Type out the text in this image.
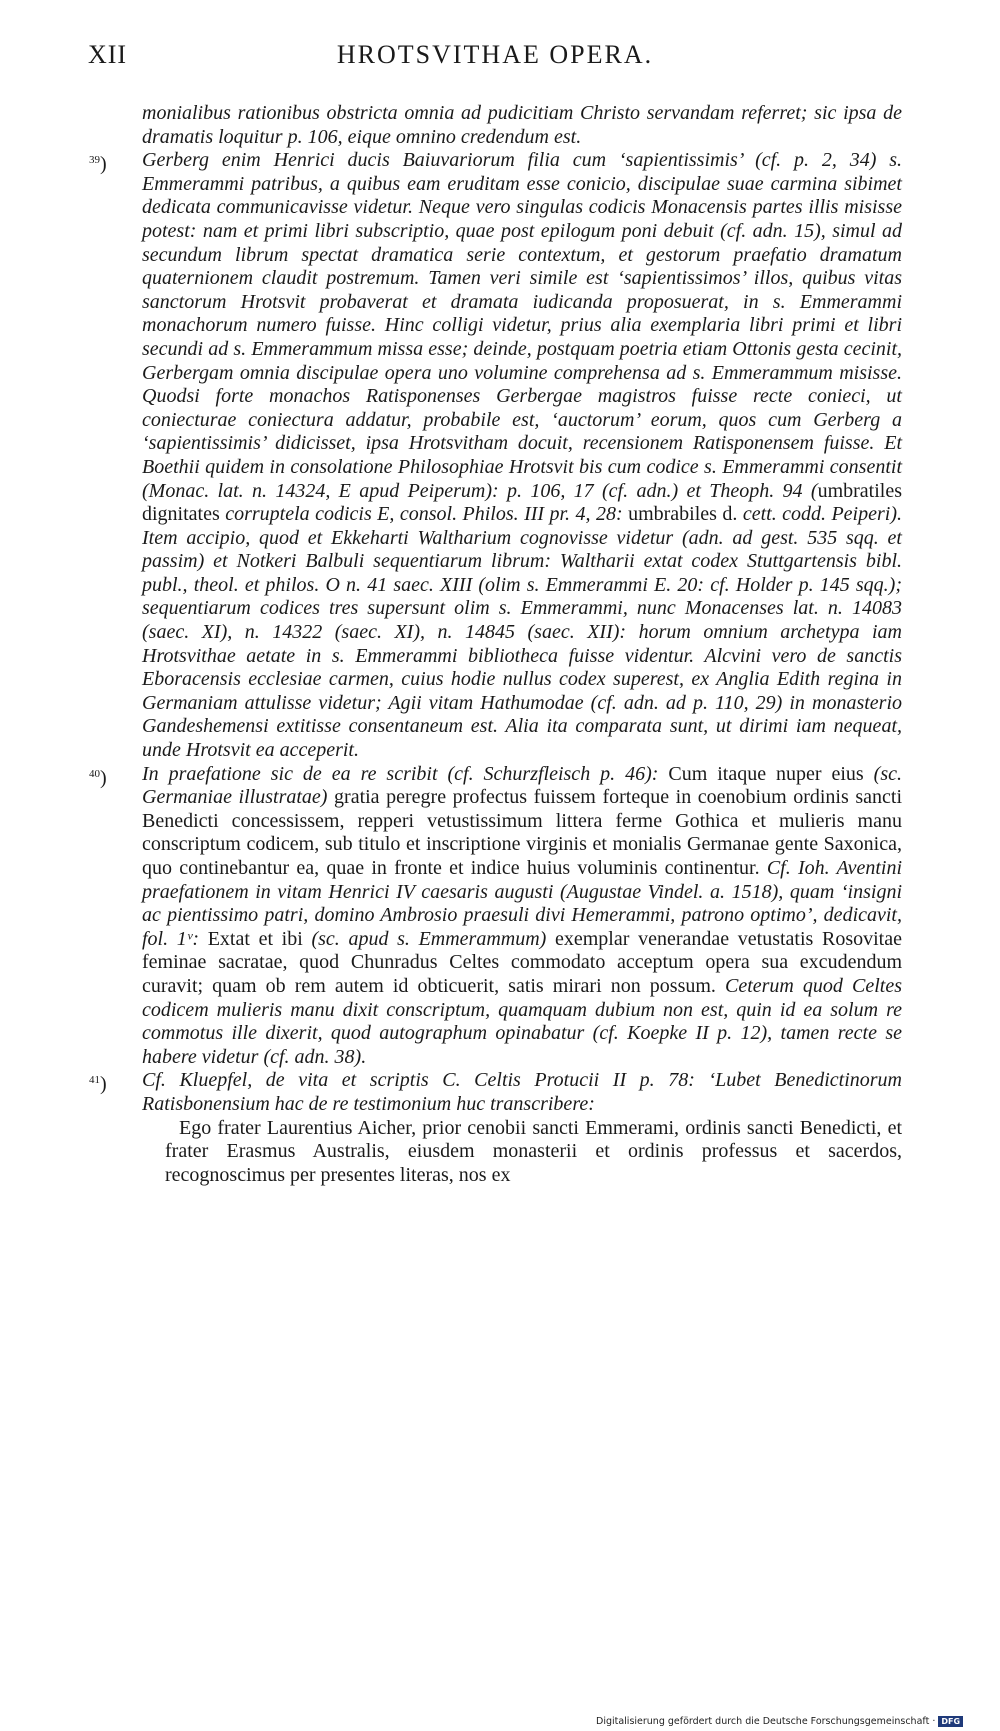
XII	HROTSVITHAE OPERA.
monialibus rationibus obstricta omnia ad pudicitiam Christo servandam referret; sic ipsa de dramatis loquitur p. 106, eique omnino credendum est.
$^{39}$) Gerberg enim Henrici ducis Baiuvariorum filia cum ‘sapientissimis’ (cf. p. 2, 34) s. Emmerammi patribus, a quibus eam eruditam esse conicio, discipulae suae carmina sibimet dedicata communicavisse videtur. Neque vero singulas codicis Monacensis partes illis misisse potest: nam et primi libri subscriptio, quae post epilogum poni debuit (cf. adn. 15), simul ad secundum librum spectat dramatica serie contextum, et gestorum praefatio dramatum quaternionem claudit postremum. Tamen veri simile est ‘sapientissimos’ illos, quibus vitas sanctorum Hrotsvit probaverat et dramata iudicanda proposuerat, in s. Emmerammi monachorum numero fuisse. Hinc colligi videtur, prius alia exemplaria libri primi et libri secundi ad s. Emmerammum missa esse; deinde, postquam poetria etiam Ottonis gesta cecinit, Gerbergam omnia discipulae opera uno volumine comprehensa ad s. Emmerammum misisse. Quodsi forte monachos Ratisponenses Gerbergae magistros fuisse recte conieci, ut coniecturae coniectura addatur, probabile est, ‘auctorum’ eorum, quos cum Gerberg a ‘sapientissimis’ didicisset, ipsa Hrotsvitham docuit, recensionem Ratisponensem fuisse. Et Boethii quidem in consolatione Philosophiae Hrotsvit bis cum codice s. Emmerammi consentit (Monac. lat. n. 14324, E apud Peiperum): p. 106, 17 (cf. adn.) et Theoph. 94 (umbratiles dignitates corruptela codicis E, consol. Philos. III pr. 4, 28: umbrabiles d. cett. codd. Peiperi). Item accipio, quod et Ekkeharti Waltharium cognovisse videtur (adn. ad gest. 535 sqq. et passim) et Notkeri Balbuli sequentiarum librum: Waltharii extat codex Stuttgartensis bibl. publ., theol. et philos. O n. 41 saec. XIII (olim s. Emmerammi E. 20: cf. Holder p. 145 sqq.); sequentiarum codices tres supersunt olim s. Emmerammi, nunc Monacenses lat. n. 14083 (saec. XI), n. 14322 (saec. XI), n. 14845 (saec. XII): horum omnium archetypa iam Hrotsvithae aetate in s. Emmerammi bibliotheca fuisse videntur. Alcvini vero de sanctis Eboracensis ecclesiae carmen, cuius hodie nullus codex superest, ex Anglia Edith regina in Germaniam attulisse videtur; Agii vitam Hathumodae (cf. adn. ad p. 110, 29) in monasterio Gandeshemensi extitisse consentaneum est. Alia ita comparata sunt, ut dirimi iam nequeat, unde Hrotsvit ea acceperit.
$^{40}$) In praefatione sic de ea re scribit (cf. Schurzfleisch p. 46): Cum itaque nuper eius (sc. Germaniae illustratae) gratia peregre profectus fuissem forteque in coenobium ordinis sancti Benedicti concessissem, repperi vetustissimum littera ferme Gothica et mulieris manu conscriptum codicem, sub titulo et inscriptione virginis et monialis Germanae gente Saxonica, quo continebantur ea, quae in fronte et indice huius voluminis continentur. Cf. Ioh. Aventini praefationem in vitam Henrici IV caesaris augusti (Augustae Vindel. a. 1518), quam ‘insigni ac pientissimo patri, domino Ambrosio praesuli divi Hemerammi, patrono optimo’, dedicavit, fol. 1ᵛ: Extat et ibi (sc. apud s. Emmerammum) exemplar venerandae vetustatis Rosovitae feminae sacratae, quod Chunradus Celtes commodato acceptum opera sua excudendum curavit; quam ob rem autem id obticuerit, satis mirari non possum. Ceterum quod Celtes codicem mulieris manu dixit conscriptum, quamquam dubium non est, quin id ea solum re commotus ille dixerit, quod autographum opinabatur (cf. Koepke II p. 12), tamen recte se habere videtur (cf. adn. 38).
$^{41}$) Cf. Kluepfel, de vita et scriptis C. Celtis Protucii II p. 78: ‘Lubet Benedictinorum Ratisbonensium hac de re testimonium huc transcribere:

Ego frater Laurentius Aicher, prior cenobii sancti Emmerami, ordinis sancti Benedicti, et frater Erasmus Australis, eiusdem monasterii et ordinis professus et sacerdos, recognoscimus per presentes literas, nos ex

Digitalisierung gefördert durch die Deutsche Forschungsgemeinschaft · DFG
